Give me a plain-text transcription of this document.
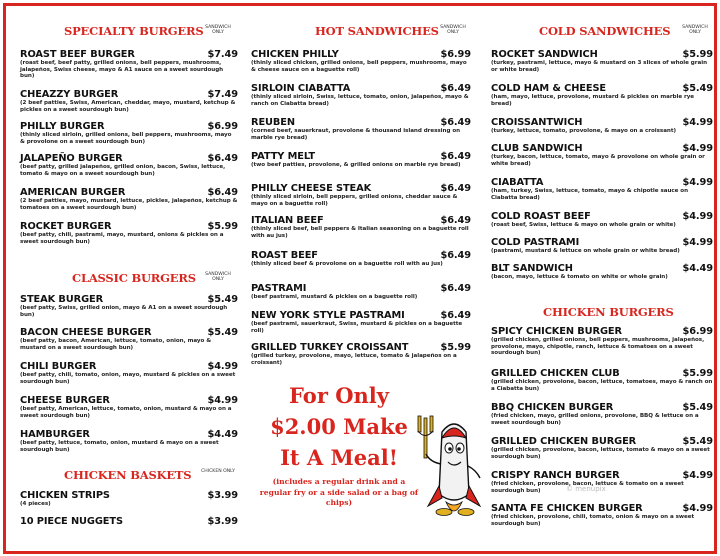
SPECIALTY BURGERS SANDWICH ONLY
ROAST BEEF BURGER	$7.49
(roast beef, beef patty, grilled onions, bell peppers, mushrooms, jalapeños, Swiss cheese, mayo & A1 sauce on a sweet sourdough bun)
CHEAZZY BURGER	$7.49
(2 beef patties, Swiss, American, cheddar, mayo, mustard, ketchup & pickles on a sweet sourdough bun)
PHILLY BURGER	$6.99
(thinly sliced sirloin, grilled onions, bell peppers, mushrooms, mayo & provolone on a sweet sourdough bun)
JALAPEÑO BURGER	$6.49
(beef patty, grilled jalapeños, grilled onion, bacon, Swiss, lettuce, tomato & mayo on a sweet sourdough bun)
AMERICAN BURGER	$6.49
(2 beef patties, mayo, mustard, lettuce, pickles, jalapeños, ketchup & tomatoes on a sweet sourdough bun)
ROCKET BURGER	$5.99
(beef patty, chili, pastrami, mayo, mustard, onions & pickles on a sweet sourdough bun)
CLASSIC BURGERS	SANDWICH ONLY
STEAK BURGER	$5.49
(beef patty, Swiss, grilled onion, mayo & A1 on a sweet sourdough bun)
BACON CHEESE BURGER	$5.49
(beef patty, bacon, American, lettuce, tomato, onion, mayo & mustard on a sweet sourdough bun)
CHILI BURGER	$4.99
(beef patty, chili, tomato, onion, mayo, mustard & pickles on a sweet sourdough bun)
CHEESE BURGER	$4.99
(beef patty, American, lettuce, tomato, onion, mustard & mayo on a sweet sourdough bun)
HAMBURGER	$4.49
(beef patty, lettuce, tomato, onion, mustard & mayo on a sweet sourdough bun)
CHICKEN BASKETS CHICKEN ONLY
CHICKEN STRIPS	$3.99
(4 pieces)
10 PIECE NUGGETS	$3.99
HOT SANDWICHES SANDWICH ONLY
CHICKEN PHILLY	$6.99
(thinly sliced chicken, grilled onions, bell peppers, mushrooms, mayo & cheese sauce on a baguette roll)
SIRLOIN CIABATTA	$6.49
(thinly sliced sirloin, Swiss, lettuce, tomato, onion, jalapeños, mayo & ranch on Ciabatta bread)
REUBEN	$6.49
(corned beef, sauerkraut, provolone & thousand island dressing on marble rye bread)
PATTY MELT	$6.49
(two beef patties, provolone, & grilled onions on marble rye bread)
PHILLY CHEESE STEAK	$6.49
(thinly sliced sirloin, bell peppers, grilled onions, cheddar sauce & mayo on a baguette roll)
ITALIAN BEEF	$6.49
(thinly sliced beef, bell peppers & Italian seasoning on a baguette roll with au jus)
ROAST BEEF	$6.49
(thinly sliced beef & provolone on a baguette roll with au jus)
PASTRAMI	$6.49
(beef pastrami, mustard & pickles on a baguette roll)
NEW YORK STYLE PASTRAMI	$6.49
(beef pastrami, sauerkraut, Swiss, mustard & pickles on a baguette roll)
GRILLED TURKEY CROISSANT	$5.99
(grilled turkey, provolone, mayo, lettuce, tomato & jalapeños on a croissant)
COLD SANDWICHES	SANDWICH ONLY
ROCKET SANDWICH	$5.99
(turkey, pastrami, lettuce, mayo & mustard on 3 slices of whole grain or white bread)
COLD HAM & CHEESE	$5.49
(ham, mayo, lettuce, provolone, mustard & pickles on marble rye bread)
CROISSANTWICH	$4.99
(turkey, lettuce, tomato, provolone, & mayo on a croissant)
CLUB SANDWICH	$4.99
(turkey, bacon, lettuce, tomato, mayo & provolone on whole grain or white bread)
CIABATTA	$4.99
(ham, turkey, Swiss, lettuce, tomato, mayo & chipotle sauce on Ciabatta bread)
COLD ROAST BEEF	$4.99
(roast beef, Swiss, lettuce & mayo on whole grain or white)
COLD PASTRAMI	$4.99
(pastrami, mustard & lettuce on whole grain or white bread)
BLT SANDWICH	$4.49
(bacon, mayo, lettuce & tomato on white or whole grain)
CHICKEN BURGERS
SPICY CHICKEN BURGER	$6.99
(grilled chicken, grilled onions, bell peppers, mushrooms, jalapeños, provolone, mayo, chipotle, ranch, lettuce & tomatoes on a sweet sourdough bun)
GRILLED CHICKEN CLUB	$5.99
(grilled chicken, provolone, bacon, lettuce, tomatoes, mayo & ranch on a Ciabatta bun)
BBQ CHICKEN BURGER	$5.49
(fried chicken, mayo, grilled onions, provolone, BBQ & lettuce on a sweet sourdough bun)
GRILLED CHICKEN BURGER	$5.49
(grilled chicken, provolone, bacon, lettuce, tomato & mayo on a sweet sourdough bun)
CRISPY RANCH BURGER	$4.99
(fried chicken, provolone, bacon, lettuce & tomato on a sweet sourdough bun)
SANTA FE CHICKEN BURGER	$4.99
(fried chicken, provolone, chili, tomato, onion & mayo on a sweet sourdough bun)
For Only
$2.00 Make
It A Meal!
(includes a regular drink and a regular fry or a side salad or a bag of chips)
© menupix
